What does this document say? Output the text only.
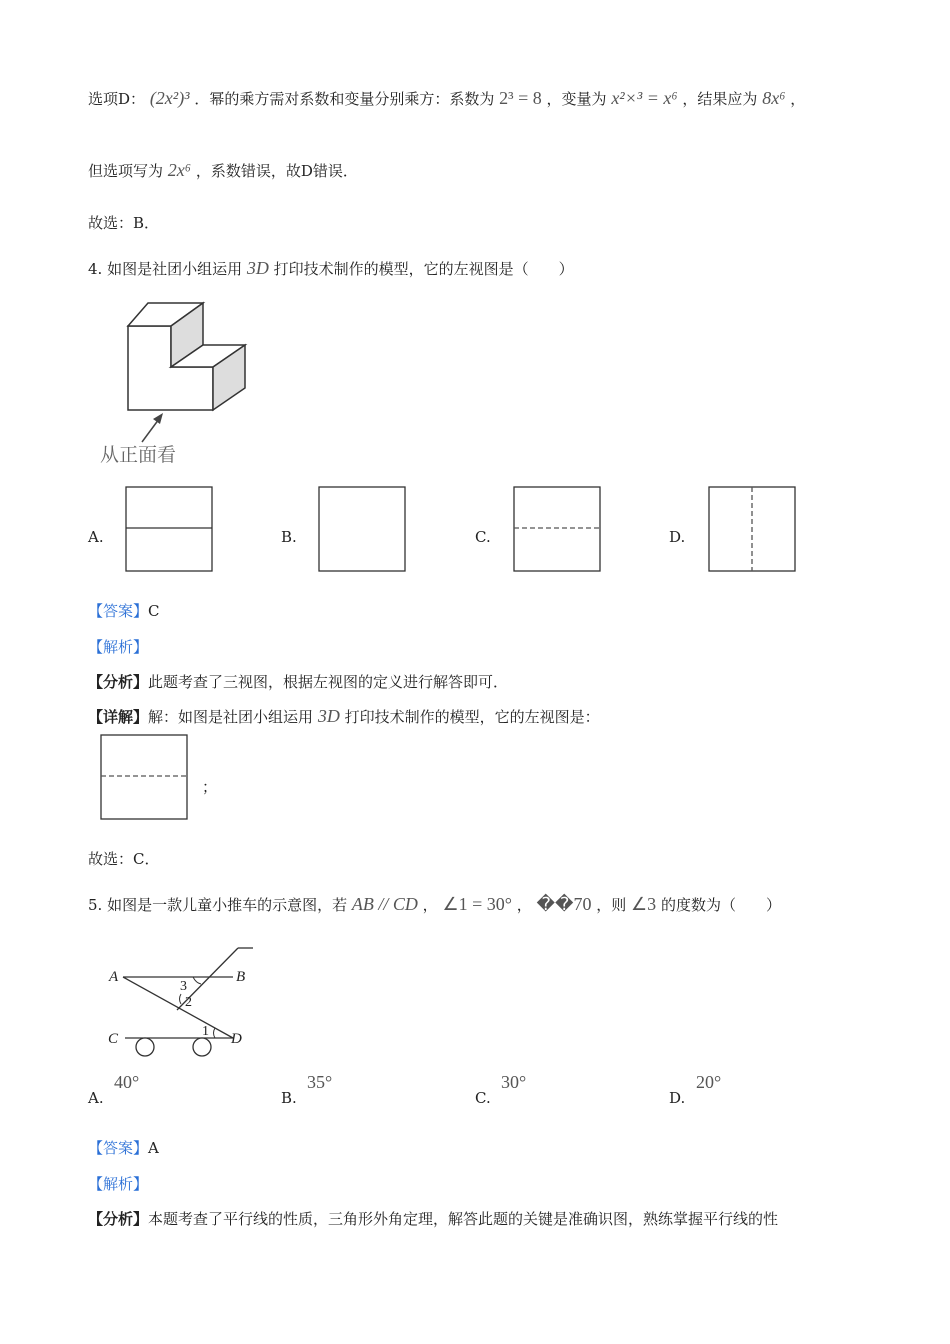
选项D： (2x²)³ ．幂的乘方需对系数和变量分别乘方：系数为 2³ = 8 ，变量为 x²×³ = x⁶ ，结果应为 8x⁶ ，
但选项写为 2x⁶ ，系数错误，故D错误．
故选：B．
4. 如图是社团小组运用 3D 打印技术制作的模型，它的左视图是（　　）
从正面看
A.	B.	C.	D.
【答案】C
【解析】
【分析】此题考查了三视图，根据左视图的定义进行解答即可．
【详解】解：如图是社团小组运用 3D 打印技术制作的模型，它的左视图是：
；
故选：C．
5. 如图是一款儿童小推车的示意图，若 AB // CD ， ∠1 = 30° ， ��70 ，则 ∠3 的度数为（　　）
A	B
C	D
3
2
1
A.
40°
B.
35°
C.
30°
D.
20°
【答案】A
【解析】
【分析】本题考查了平行线的性质，三角形外角定理，解答此题的关键是准确识图，熟练掌握平行线的性
